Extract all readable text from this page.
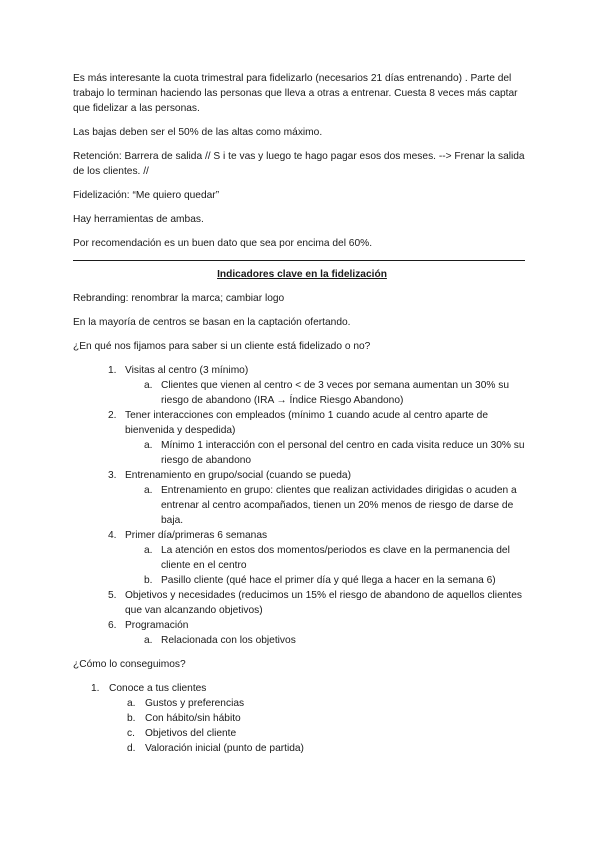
Es más interesante la cuota trimestral para fidelizarlo (necesarios 21 días entrenando) . Parte del trabajo lo terminan haciendo las personas que lleva a otras a entrenar. Cuesta 8 veces más captar que fidelizar a las personas.

Las bajas deben ser el 50% de las altas como máximo.

Retención: Barrera de salida // S i te vas y luego te hago pagar esos dos meses. --> Frenar la salida de los clientes. //

Fidelización: “Me quiero quedar”

Hay herramientas de ambas.

Por recomendación es un buen dato que sea por encima del 60%.

Indicadores clave en la fidelización

Rebranding: renombrar la marca; cambiar logo

En la mayoría de centros se basan en la captación ofertando.

¿En qué nos fijamos para saber si un cliente está fidelizado o no?

1. Visitas al centro (3 mínimo)
a. Clientes que vienen al centro < de 3 veces por semana aumentan un 30% su riesgo de abandono (IRA → Índice Riesgo Abandono)
2. Tener interacciones con empleados (mínimo 1 cuando acude al centro aparte de bienvenida y despedida)
a. Mínimo 1 interacción con el personal del centro en cada visita reduce un 30% su riesgo de abandono
3. Entrenamiento en grupo/social (cuando se pueda)
a. Entrenamiento en grupo: clientes que realizan actividades dirigidas o acuden a entrenar al centro acompañados, tienen un 20% menos de riesgo de darse de baja.
4. Primer día/primeras 6 semanas
a. La atención en estos dos momentos/periodos es clave en la permanencia del cliente en el centro
b. Pasillo cliente (qué hace el primer día y qué llega a hacer en la semana 6)
5. Objetivos y necesidades (reducimos un 15% el riesgo de abandono de aquellos clientes que van alcanzando objetivos)
6. Programación
a. Relacionada con los objetivos

¿Cómo lo conseguimos?

1. Conoce a tus clientes
a. Gustos y preferencias
b. Con hábito/sin hábito
c. Objetivos del cliente
d. Valoración inicial (punto de partida)
